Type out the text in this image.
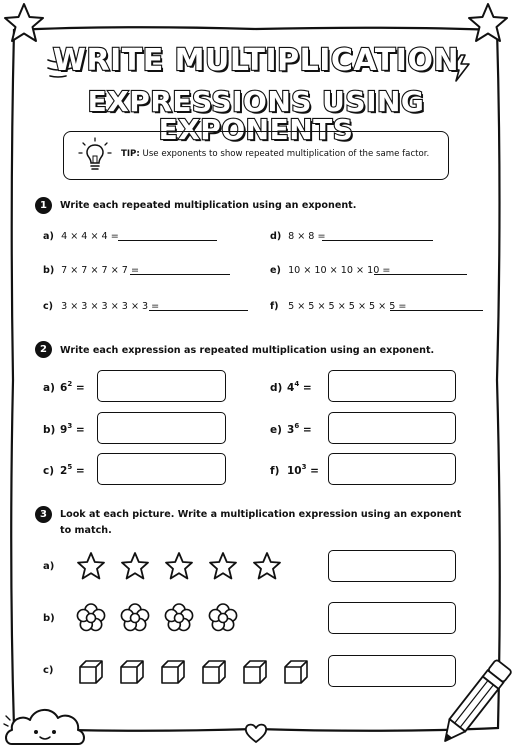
WRITE MULTIPLICATION
EXPRESSIONS USING EXPONENTS
TIP: Use exponents to show repeated multiplication of the same factor.
1	Write each repeated multiplication using an exponent.
a) 4 × 4 × 4 =	d) 8 × 8 =
b) 7 × 7 × 7 × 7 =	e) 10 × 10 × 10 × 10 =
c) 3 × 3 × 3 × 3 × 3 =	f) 5 × 5 × 5 × 5 × 5 × 5 =
2	Write each expression as repeated multiplication using an exponent.
a) $6^2$ =	d) $4^4$ =
b) $9^3$ =	e) $3^6$ =
c) $2^5$ =	f) $10^3$ =
3	Look at each picture. Write a multiplication expression using an exponent
to match.
a)
b)
c)
